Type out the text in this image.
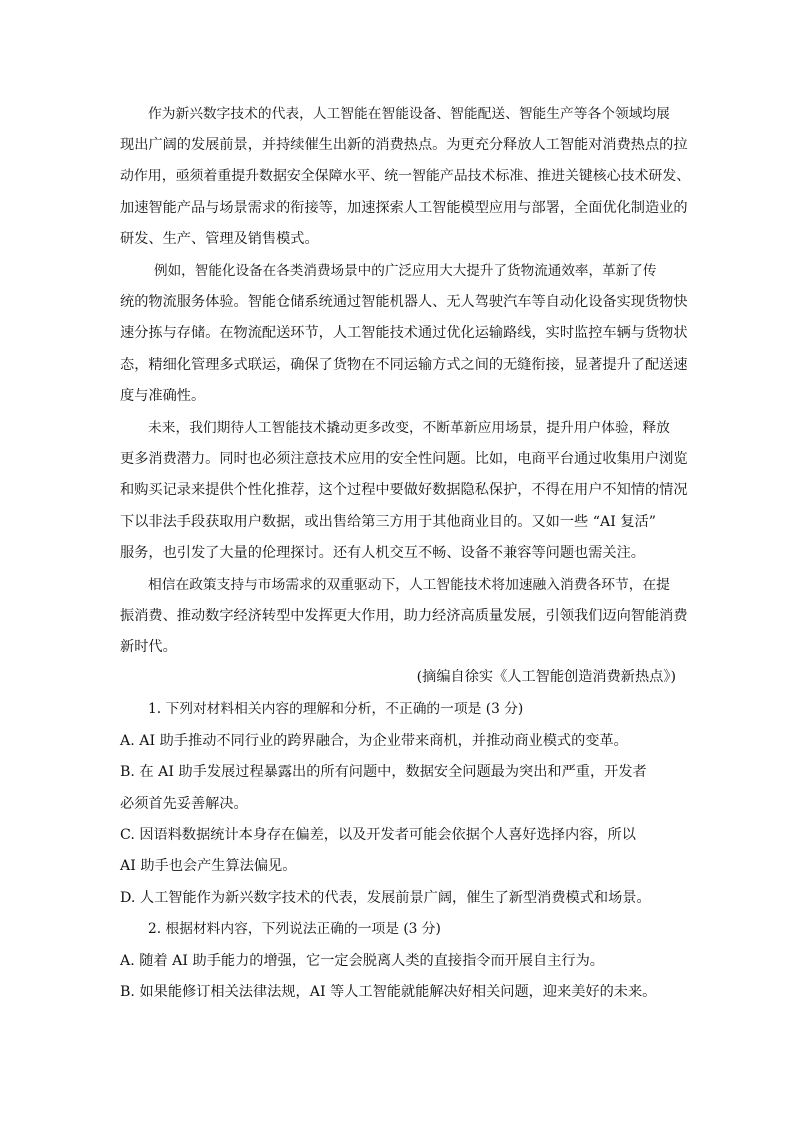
作为新兴数字技术的代表，人工智能在智能设备、智能配送、智能生产等各个领域均展
现出广阔的发展前景，并持续催生出新的消费热点。为更充分释放人工智能对消费热点的拉
动作用，亟须着重提升数据安全保障水平、统一智能产品技术标准、推进关键核心技术研发、
加速智能产品与场景需求的衔接等，加速探索人工智能模型应用与部署，全面优化制造业的
研发、生产、管理及销售模式。
例如，智能化设备在各类消费场景中的广泛应用大大提升了货物流通效率，革新了传
统的物流服务体验。智能仓储系统通过智能机器人、无人驾驶汽车等自动化设备实现货物快
速分拣与存储。在物流配送环节，人工智能技术通过优化运输路线，实时监控车辆与货物状
态，精细化管理多式联运，确保了货物在不同运输方式之间的无缝衔接，显著提升了配送速
度与准确性。
未来，我们期待人工智能技术撬动更多改变，不断革新应用场景，提升用户体验，释放
更多消费潜力。同时也必须注意技术应用的安全性问题。比如，电商平台通过收集用户浏览
和购买记录来提供个性化推荐，这个过程中要做好数据隐私保护，不得在用户不知情的情况
下以非法手段获取用户数据，或出售给第三方用于其他商业目的。又如一些 “AI 复活”
服务，也引发了大量的伦理探讨。还有人机交互不畅、设备不兼容等问题也需关注。
相信在政策支持与市场需求的双重驱动下，人工智能技术将加速融入消费各环节，在提
振消费、推动数字经济转型中发挥更大作用，助力经济高质量发展，引领我们迈向智能消费
新时代。
(摘编自徐实《人工智能创造消费新热点》)
1. 下列对材料相关内容的理解和分析，不正确的一项是 (3 分)
A. AI 助手推动不同行业的跨界融合，为企业带来商机，并推动商业模式的变革。
B. 在 AI 助手发展过程暴露出的所有问题中，数据安全问题最为突出和严重，开发者
必须首先妥善解决。
C. 因语料数据统计本身存在偏差，以及开发者可能会依据个人喜好选择内容，所以
AI 助手也会产生算法偏见。
D. 人工智能作为新兴数字技术的代表，发展前景广阔，催生了新型消费模式和场景。
2. 根据材料内容，下列说法正确的一项是 (3 分)
A. 随着 AI 助手能力的增强，它一定会脱离人类的直接指令而开展自主行为。
B. 如果能修订相关法律法规，AI 等人工智能就能解决好相关问题，迎来美好的未来。
